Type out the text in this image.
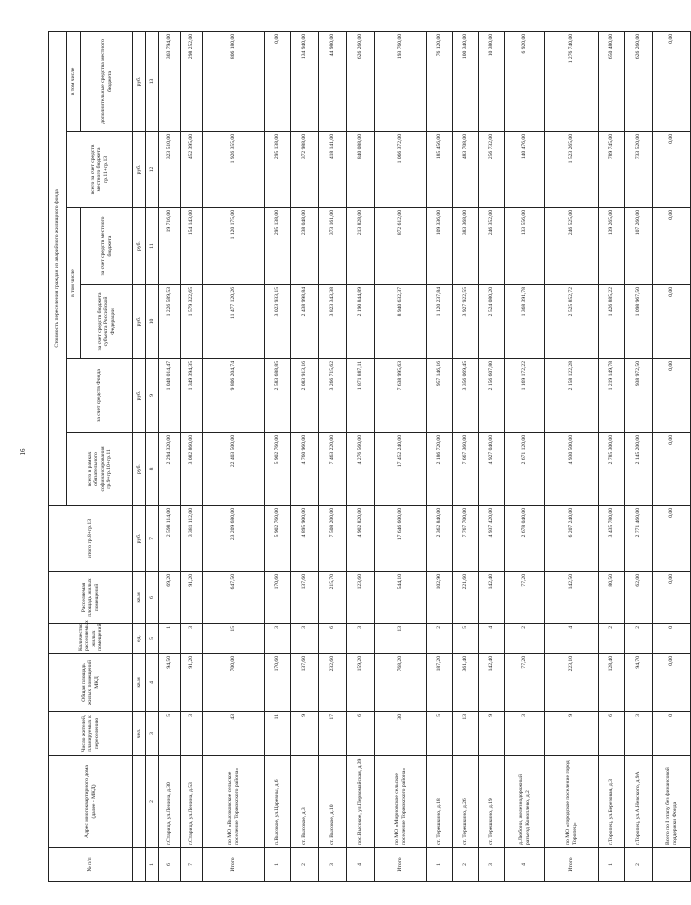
16
№ п/п	Адрес многоквартирного дома (далее - МКД)	Число жителей, планируемых к переселению	Общая площадь жилых помещений МКД	Количество расселяемых жилых помещений	Расселяемая площадь жилых помещений	итого гр.8+гр.13	Стоимость переселения граждан из аварийного жилищного фонда					
							всего в рамках обязательного софинансирования гр.9+гр.10+гр.11	за счет средств Фонда	в том числе		всего за счет средств местного бюджета гр.11+гр.13	в том числе
									за счет средств бюджета субъекта Российской Федерации	за счет средств местного бюджета		дополнительные средства местного бюджета

		чел.	кв.м	ед.	кв.м	руб.	руб.	руб.	руб.	руб.	руб.	руб.
1	2	3	4	5	6	7	8	9	10	11	12	13
6	г.Старица, ул.Ленина, д.30	5	94,50	1	69,20	2 598 114,00	2 294 320,00	1 048 014,47	1 226 589,53	19 716,00	323 510,00	303 794,00
7	г.Старица, ул.Ленина, д.53	3	91,20	3	91,20	3 381 112,00	3 082 860,00	1 349 394,35	1 579 322,65	154 143,00	452 395,00	298 252,00
Итого	по МО «Высоковское сельское поселение Торжокского района»	43	700,00	15	647,50	23 209 680,00	22 403 500,00	9 806 204,74	11 477 120,26	1 120 175,00	1 926 355,00	806 180,00
1	п.Высокое, ул.Царевны, д.6	11	170,60	3	170,60	5 902 760,00	5 902 760,00	2 583 688,85	3 023 933,15	295 138,00	295 138,00	0,00
2	ст. Высокое, д.3	9	137,60	3	137,60	4 895 900,00	4 760 960,00	2 083 913,16	2 438 998,84	238 048,00	372 988,00	134 940,00
3	ст. Высокое, д.10	17	232,60	6	215,70	7 508 200,00	7 463 220,00	3 266 715,62	3 823 343,38	373 161,00	418 141,00	44 980,00
4	пос.Высокое, ул.Первомайская, д.39	6	159,20	3	123,60	4 902 820,00	4 276 560,00	1 871 887,11	2 190 844,89	213 828,00	840 088,00	626 260,00
Итого	по МО «Мирновское сельское поселение Торжокского района»	30	768,20	13	544,10	17 646 600,00	17 452 240,00	7 638 995,63	8 940 632,37	872 612,00	1 066 372,00	193 760,00
1	ст. Терешкино, д.18	5	187,20	2	102,90	2 362 840,00	2 186 720,00	957 146,16	1 120 237,84	109 336,00	185 456,00	76 120,00
2	ст. Терешкино, д.26	13	361,40	5	221,60	7 767 700,00	7 667 360,00	3 356 069,45	3 927 922,55	383 368,00	483 708,00	100 340,00
3	ст. Терешкино, д.19	9	142,40	4	142,40	4 937 420,00	4 927 040,00	2 156 607,80	2 524 080,20	246 352,00	256 732,00	10 380,00
4	д.Любони, железнодорожный разъезд Коноплево, д.2	3	77,20	2	77,20	2 678 040,00	2 671 120,00	1 169 172,22	1 368 391,78	133 556,00	140 476,00	6 920,00
Итого	по МО «городское поселение город Торопец»	9	223,10	4	142,50	6 207 240,00	4 930 500,00	2 158 122,28	2 525 852,72	246 525,00	1 523 265,00	1 276 740,00
1	г.Торопец, ул.Березовая, д.3	6	128,40	2	80,50	3 435 780,00	2 785 300,00	1 219 149,78	1 426 885,22	139 265,00	789 745,00	650 480,00
2	г.Торопец, ул.А.Невского, д.9А	3	94,70	2	62,00	2 771 460,00	2 145 200,00	938 972,50	1 098 967,50	107 260,00	733 520,00	626 260,00
	Всего по I этапу без финансовой поддержки Фонда	0	0,00	0	0,00	0,00	0,00	0,00	0,00	0,00	0,00	0,00
